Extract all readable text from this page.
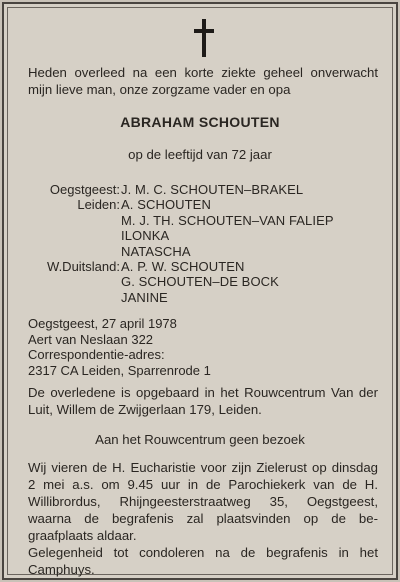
Heden overleed na een korte ziekte geheel onverwacht

mijn lieve man, onze zorgzame vader en opa

ABRAHAM SCHOUTEN

op de leeftijd van 72 jaar

Oegstgeest: J. M. C. SCHOUTEN–BRAKEL
Leiden: A. SCHOUTEN
M. J. TH. SCHOUTEN–VAN FALIEP
ILONKA
NATASCHA
W.Duitsland: A. P. W. SCHOUTEN
G. SCHOUTEN–DE BOCK
JANINE
Oegstgeest, 27 april 1978
Aert van Neslaan 322
Correspondentie-adres:
2317 CA Leiden, Sparrenrode 1

De overledene is opgebaard in het Rouwcentrum Van der

Luit, Willem de Zwijgerlaan 179, Leiden.

Aan het Rouwcentrum geen bezoek

Wij vieren de H. Eucharistie voor zijn Zielerust op dinsdag

2 mei a.s. om 9.45 uur in de Parochiekerk van de H.

Willibrordus, Rhijngeesterstraatweg 35, Oegstgeest,

waarna de begrafenis zal plaatsvinden op de be-

graafplaats aldaar.

Gelegenheid tot condoleren na de begrafenis in het

Camphuys.
